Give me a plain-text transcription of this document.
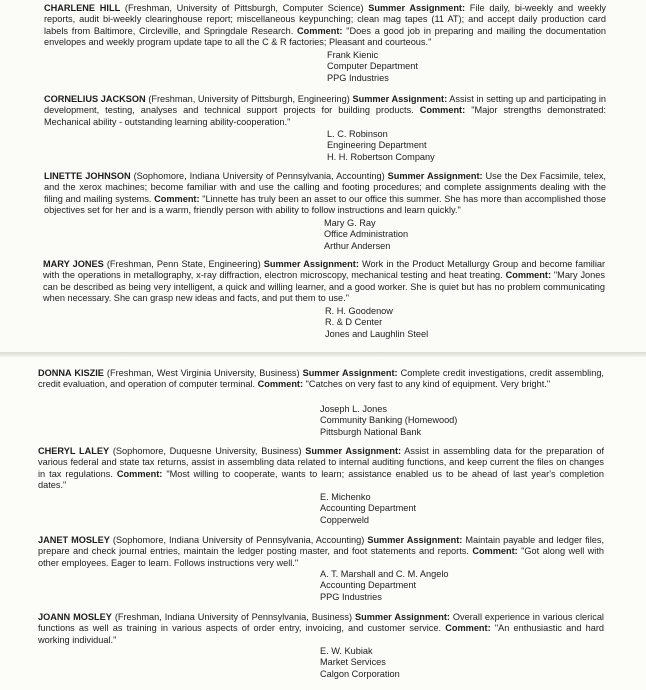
CHARLENE HILL (Freshman, University of Pittsburgh, Computer Science) Summer Assignment: File daily, bi-weekly and weekly reports, audit bi-weekly clearinghouse report; miscellaneous keypunching; clean mag tapes (11 AT); and accept daily production card labels from Baltimore, Circleville, and Springdale Research. Comment: "Does a good job in preparing and mailing the documentation envelopes and weekly program update tape to all the C & R factories; Pleasant and courteous."

Frank Kienic
Computer Department
PPG Industries

CORNELIUS JACKSON (Freshman, University of Pittsburgh, Engineering) Summer Assignment: Assist in setting up and participating in development, testing, analyses and technical support projects for building products. Comment: "Major strengths demonstrated: Mechanical ability - outstanding learning ability-cooperation."

L. C. Robinson
Engineering Department
H. H. Robertson Company

LINETTE JOHNSON (Sophomore, Indiana University of Pennsylvania, Accounting) Summer Assignment: Use the Dex Facsimile, telex, and the xerox machines; become familiar with and use the calling and footing procedures; and complete assignments dealing with the filing and mailing systems. Comment: "Linnette has truly been an asset to our office this summer. She has more than accomplished those objectives set for her and is a warm, friendly person with ability to follow instructions and learn quickly."

Mary G. Ray
Office Administration
Arthur Andersen

MARY JONES (Freshman, Penn State, Engineering) Summer Assignment: Work in the Product Metallurgy Group and become familiar with the operations in metallography, x-ray diffraction, electron microscopy, mechanical testing and heat treating. Comment: "Mary Jones can be described as being very intelligent, a quick and willing learner, and a good worker. She is quiet but has no problem communicating when necessary. She can grasp new ideas and facts, and put them to use."

R. H. Goodenow
R. & D Center
Jones and Laughlin Steel

DONNA KISZIE (Freshman, West Virginia University, Business) Summer Assignment: Complete credit investigations, credit assembling, credit evaluation, and operation of computer terminal. Comment: "Catches on very fast to any kind of equipment. Very bright."

Joseph L. Jones
Community Banking (Homewood)
Pittsburgh National Bank

CHERYL LALEY (Sophomore, Duquesne University, Business) Summer Assignment: Assist in assembling data for the preparation of various federal and state tax returns, assist in assembling data related to internal auditing functions, and keep current the files on changes in tax regulations. Comment: "Most willing to cooperate, wants to learn; assistance enabled us to be ahead of last year's completion dates."

E. Michenko
Accounting Department
Copperweld

JANET MOSLEY (Sophomore, Indiana University of Pennsylvania, Accounting) Summer Assignment: Maintain payable and ledger files, prepare and check journal entries, maintain the ledger posting master, and foot statements and reports. Comment: "Got along well with other employees. Eager to learn. Follows instructions very well."

A. T. Marshall and C. M. Angelo
Accounting Department
PPG Industries

JOANN MOSLEY (Freshman, Indiana University of Pennsylvania, Business) Summer Assignment: Overall experience in various clerical functions as well as training in various aspects of order entry, invoicing, and customer service. Comment: "An enthusiastic and hard working individual."

E. W. Kubiak
Market Services
Calgon Corporation
